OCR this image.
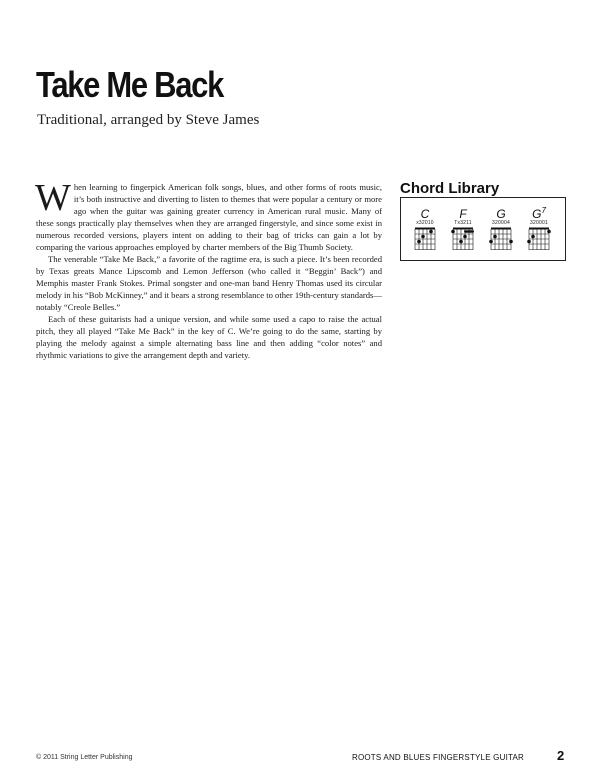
Take Me Back

Traditional, arranged by Steve James

When learning to fingerpick American folk songs, blues, and other forms of roots music, it’s both instructive and diverting to listen to themes that were popular a century or more ago when the guitar was gaining greater currency in American rural music. Many of these songs practically play themselves when they are arranged fingerstyle, and since some exist in numerous recorded versions, players intent on adding to their bag of tricks can gain a lot by comparing the various approaches employed by charter members of the Big Thumb Society.

The venerable “Take Me Back,” a favorite of the ragtime era, is such a piece. It’s been recorded by Texas greats Mance Lipscomb and Lemon Jefferson (who called it “Beggin’ Back”) and Memphis master Frank Stokes. Primal songster and one-man band Henry Thomas used its circular melody in his “Bob McKinney,” and it bears a strong resemblance to other 19th-century standards—notably “Creole Belles.”

Each of these guitarists had a unique version, and while some used a capo to raise the actual pitch, they all played “Take Me Back” in the key of C. We’re going to do the same, starting by playing the melody against a simple alternating bass line and then adding “color notes” and rhythmic variations to give the arrangement depth and variety.

Chord Library
C
x32010
F
Tx3211
G
320004
$G^7$
320001
© 2011 String Letter Publishing	ROOTS AND BLUES FINGERSTYLE GUITAR	2
